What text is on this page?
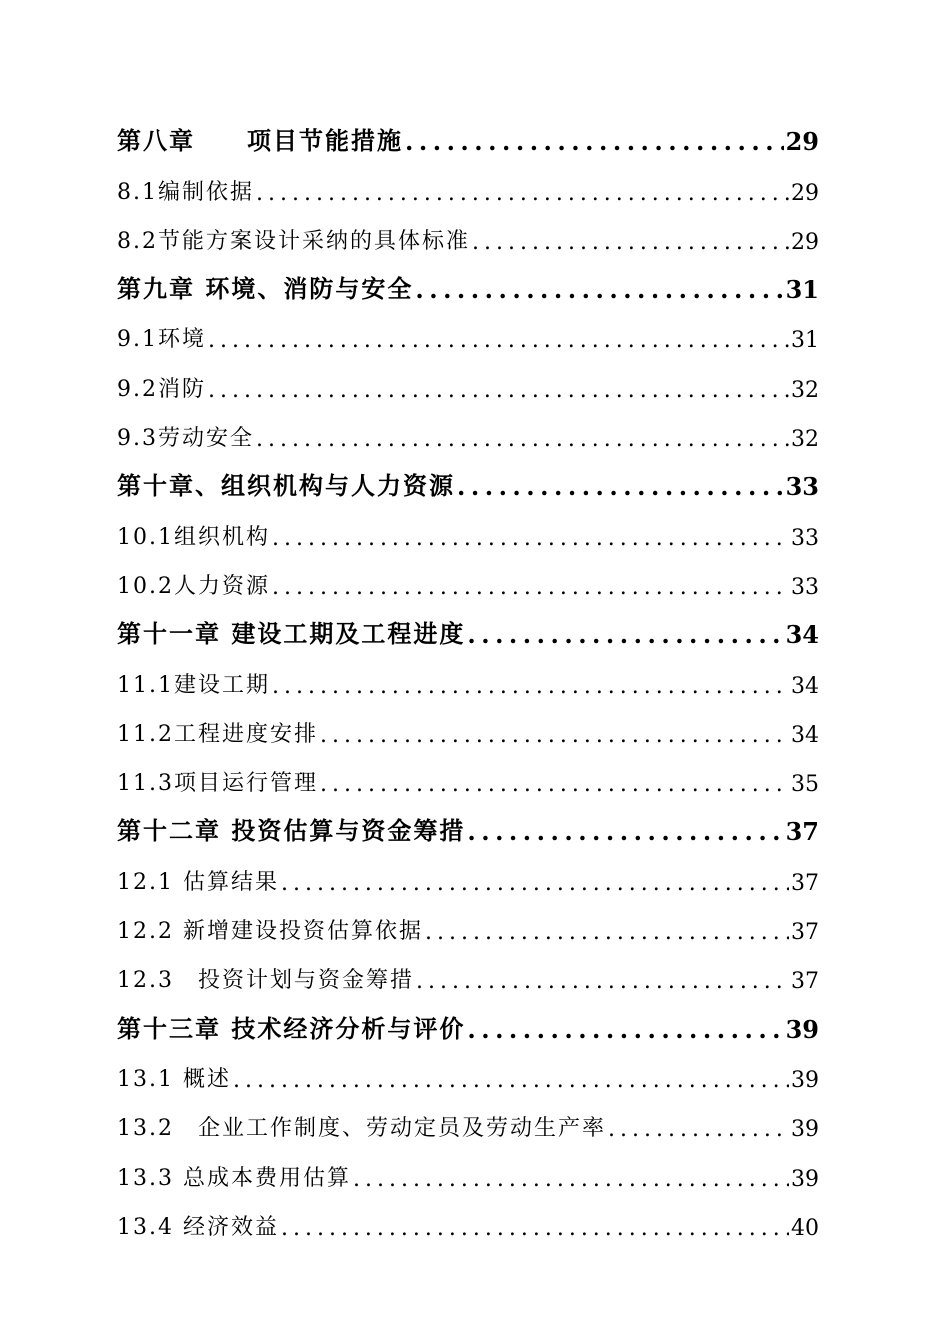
第八章　　项目节能措施 .....	29
8.1编制依据 .....	29
8.2节能方案设计采纳的具体标准 .....	29
第九章 环境、消防与安全 .....	31
9.1环境 .....	31
9.2消防 .....	32
9.3劳动安全 .....	32
第十章、组织机构与人力资源 .....	33
10.1组织机构 .....	33
10.2人力资源 .....	33
第十一章 建设工期及工程进度 .....	34
11.1建设工期 .....	34
11.2工程进度安排 .....	34
11.3项目运行管理 .....	35
第十二章 投资估算与资金筹措 .....	37
12.1 估算结果 .....	37
12.2 新增建设投资估算依据 .....	37
12.3　投资计划与资金筹措 .....	37
第十三章 技术经济分析与评价 .....	39
13.1 概述 .....	39
13.2　企业工作制度、劳动定员及劳动生产率 .....	39
13.3 总成本费用估算 .....	39
13.4 经济效益 .....	40
